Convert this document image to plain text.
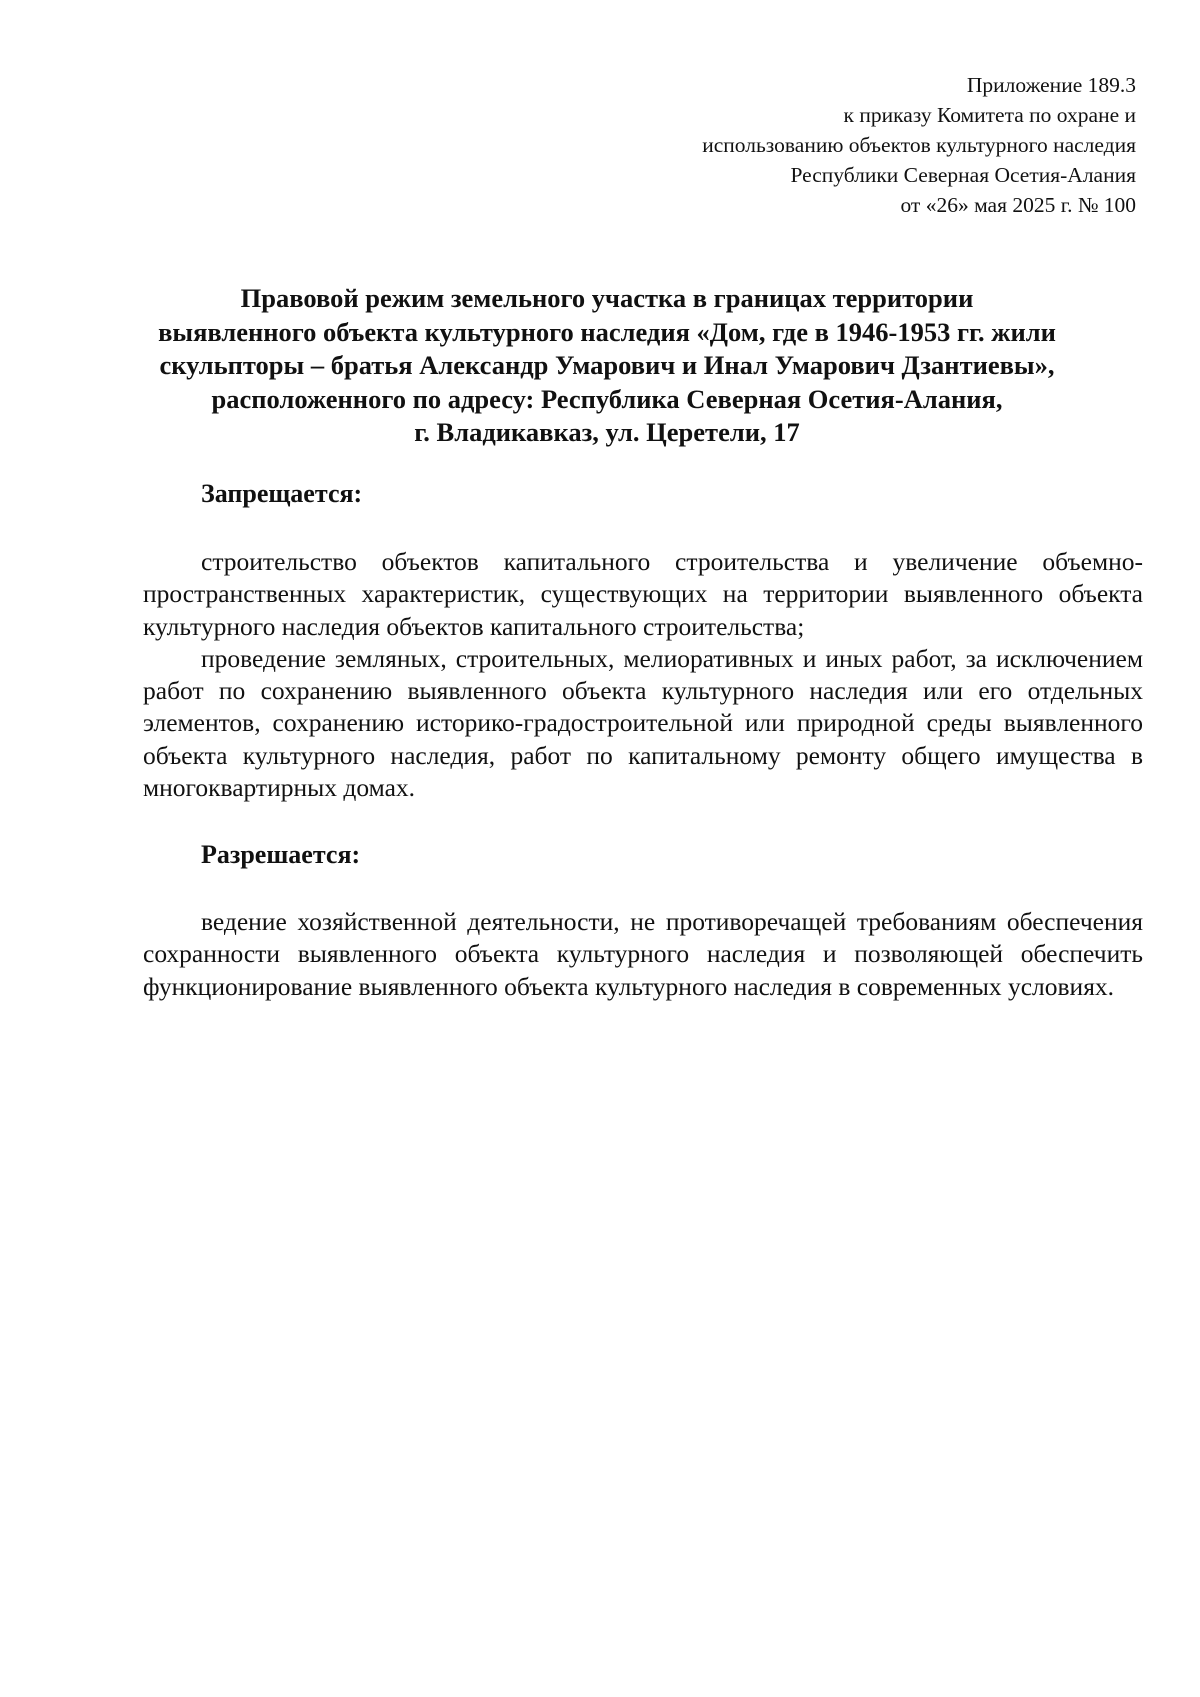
Приложение 189.3
к приказу Комитета по охране и
использованию объектов культурного наследия
Республики Северная Осетия-Алания
от «26» мая 2025 г. № 100
Правовой режим земельного участка в границах территории
выявленного объекта культурного наследия «Дом, где в 1946-1953 гг. жили
скульпторы – братья Александр Умарович и Инал Умарович Дзантиевы»,
расположенного по адресу: Республика Северная Осетия-Алания,
г. Владикавказ, ул. Церетели, 17
Запрещается:

строительство объектов капитального строительства и увеличение объемно-пространственных характеристик, существующих на территории выявленного объекта культурного наследия объектов капитального строительства;

проведение земляных, строительных, мелиоративных и иных работ, за исключением работ по сохранению выявленного объекта культурного наследия или его отдельных элементов, сохранению историко-градостроительной или природной среды выявленного объекта культурного наследия, работ по капитальному ремонту общего имущества в многоквартирных домах.

Разрешается:

ведение хозяйственной деятельности, не противоречащей требованиям обеспечения сохранности выявленного объекта культурного наследия и позволяющей обеспечить функционирование выявленного объекта культурного наследия в современных условиях.
